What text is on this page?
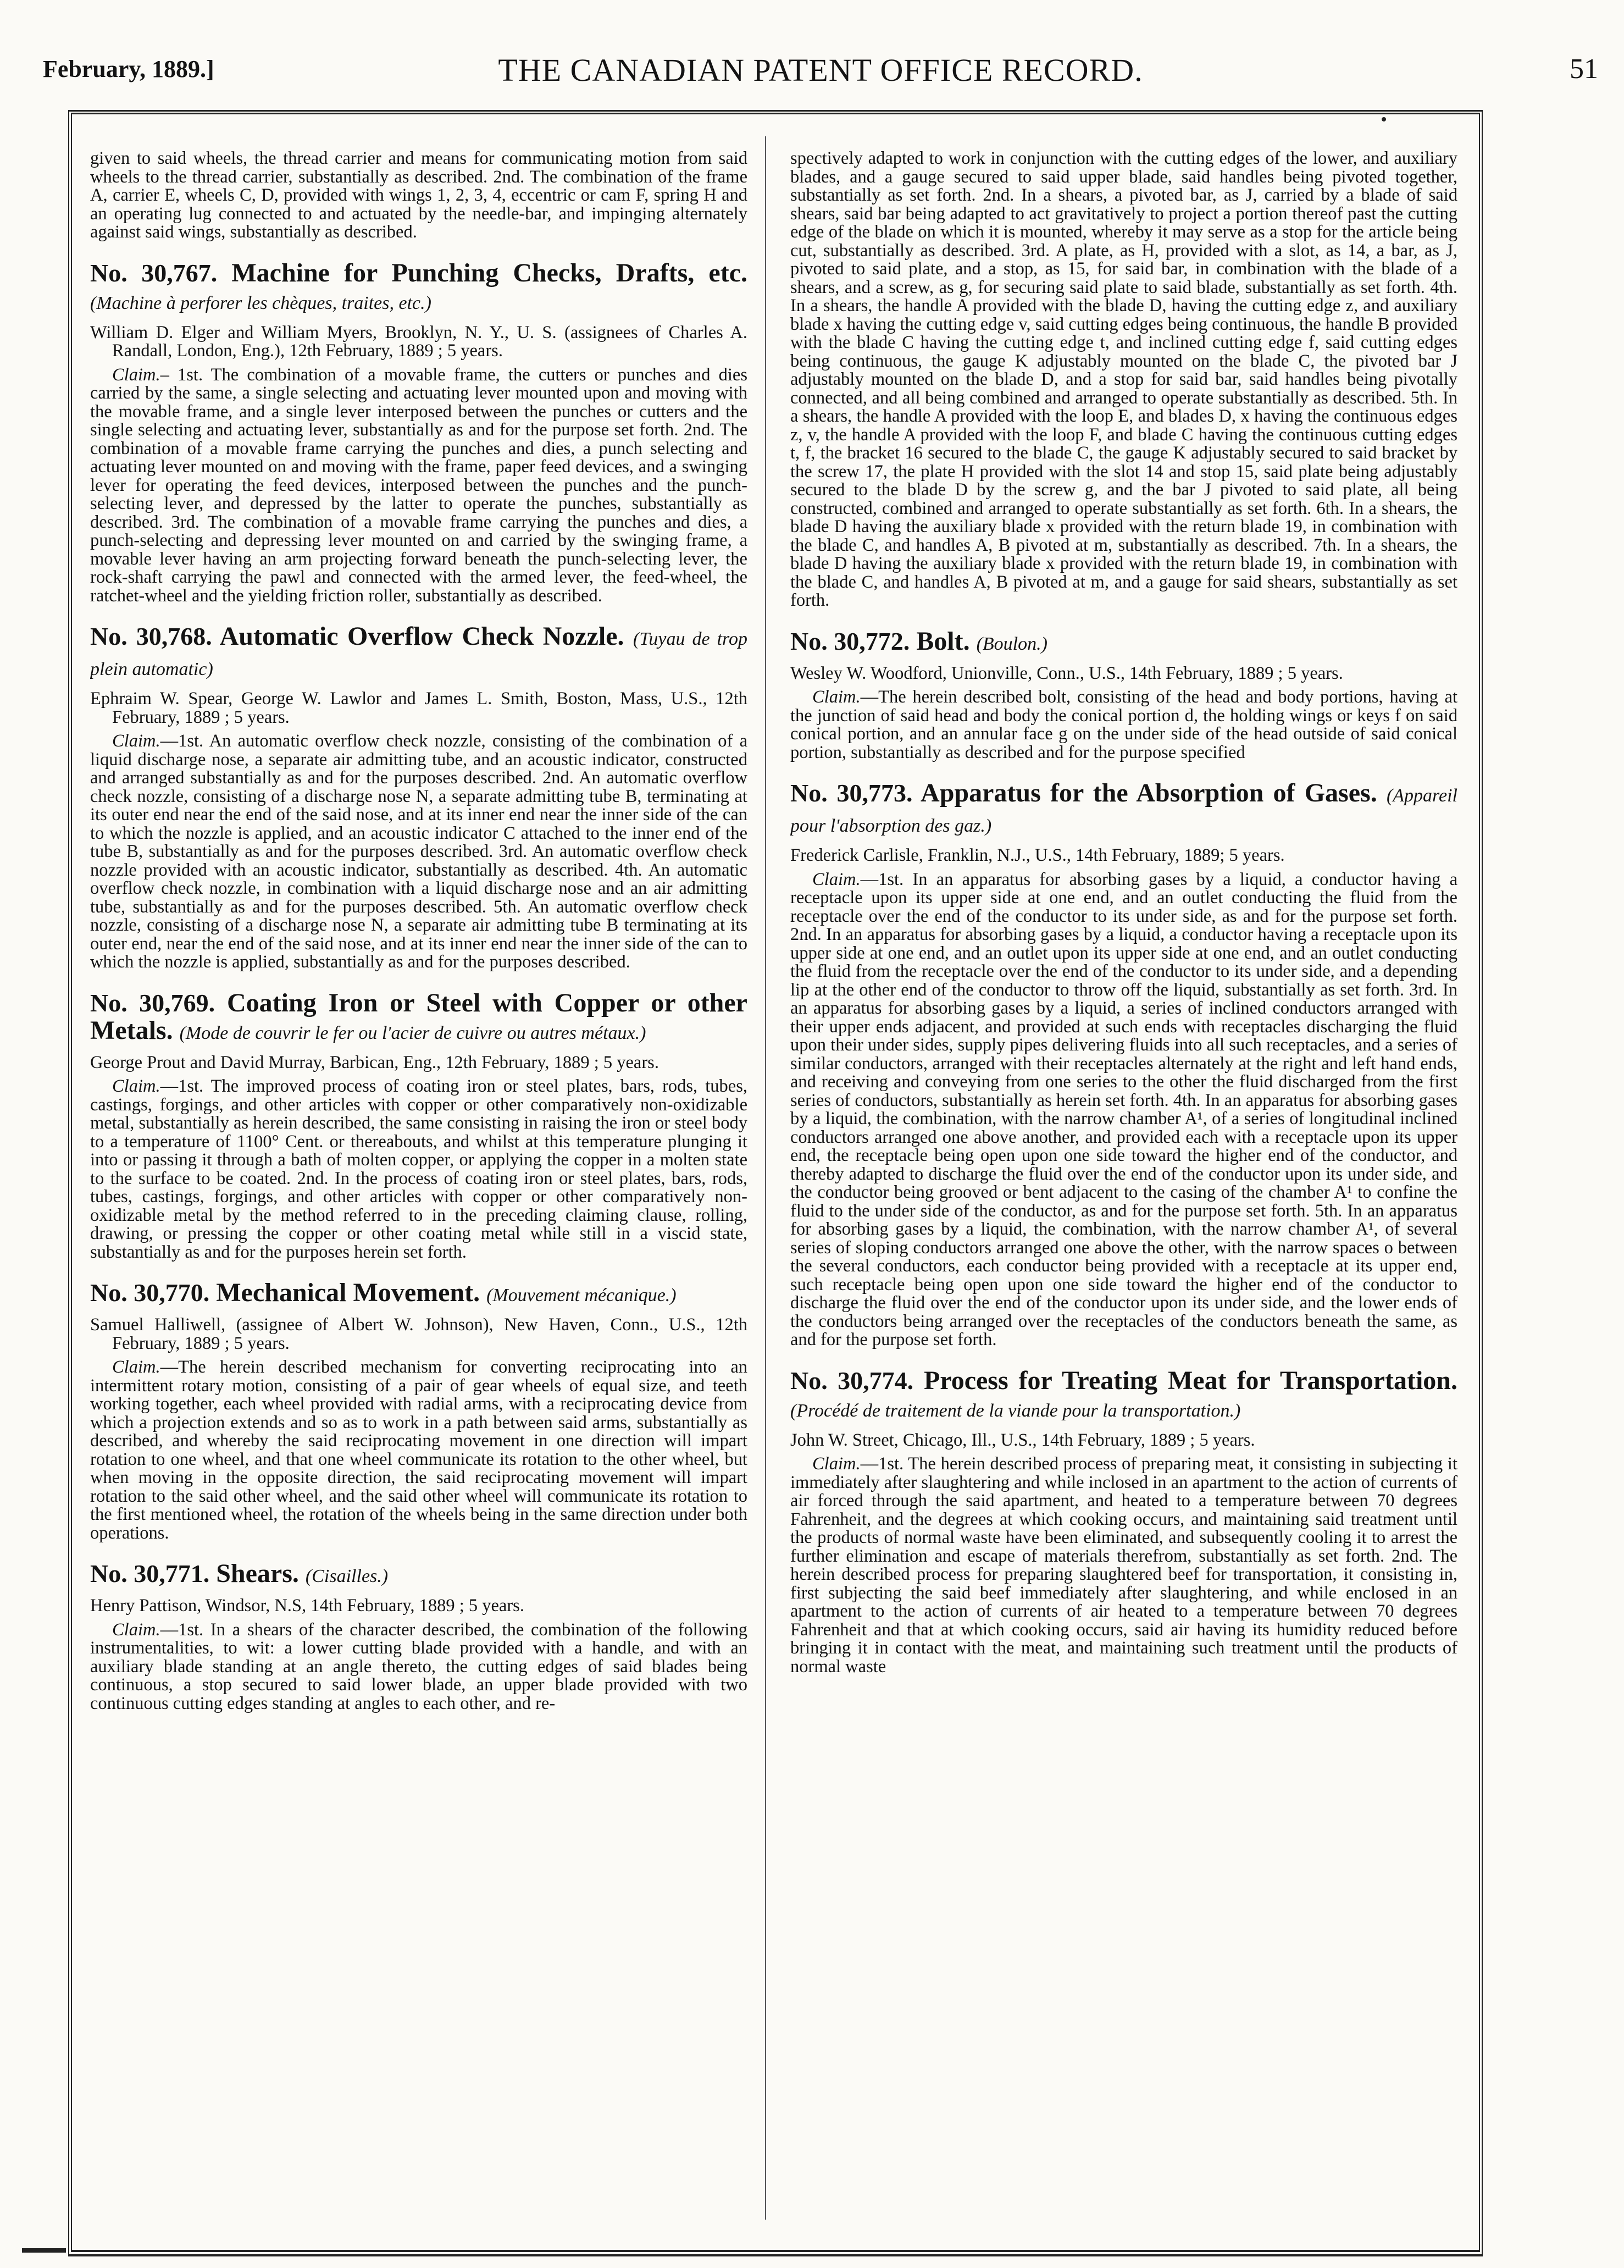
February, 1889.]	THE CANADIAN PATENT OFFICE RECORD.	51

given to said wheels, the thread carrier and means for communicating motion from said wheels to the thread carrier, substantially as described. 2nd. The combination of the frame A, carrier E, wheels C, D, provided with wings 1, 2, 3, 4, eccentric or cam F, spring H and an operating lug connected to and actuated by the needle-bar, and impinging alternately against said wings, substantially as described.

No. 30,767. Machine for Punching Checks, Drafts, etc. (Machine à perforer les chèques, traites, etc.)

William D. Elger and William Myers, Brooklyn, N. Y., U. S. (assignees of Charles A. Randall, London, Eng.), 12th February, 1889 ; 5 years.

Claim.– 1st. The combination of a movable frame, the cutters or punches and dies carried by the same, a single selecting and actuating lever mounted upon and moving with the movable frame, and a single lever interposed between the punches or cutters and the single selecting and actuating lever, substantially as and for the purpose set forth. 2nd. The combination of a movable frame carrying the punches and dies, a punch selecting and actuating lever mounted on and moving with the frame, paper feed devices, and a swinging lever for operating the feed devices, interposed between the punches and the punch-selecting lever, and depressed by the latter to operate the punches, substantially as described. 3rd. The combination of a movable frame carrying the punches and dies, a punch-selecting and depressing lever mounted on and carried by the swinging frame, a movable lever having an arm projecting forward beneath the punch-selecting lever, the rock-shaft carrying the pawl and connected with the armed lever, the feed-wheel, the ratchet-wheel and the yielding friction roller, substantially as described.

No. 30,768. Automatic Overflow Check Nozzle. (Tuyau de trop plein automatic)

Ephraim W. Spear, George W. Lawlor and James L. Smith, Boston, Mass, U.S., 12th February, 1889 ; 5 years.

Claim.—1st. An automatic overflow check nozzle, consisting of the combination of a liquid discharge nose, a separate air admitting tube, and an acoustic indicator, constructed and arranged substantially as and for the purposes described. 2nd. An automatic overflow check nozzle, consisting of a discharge nose N, a separate admitting tube B, terminating at its outer end near the end of the said nose, and at its inner end near the inner side of the can to which the nozzle is applied, and an acoustic indicator C attached to the inner end of the tube B, substantially as and for the purposes described. 3rd. An automatic overflow check nozzle provided with an acoustic indicator, substantially as described. 4th. An automatic overflow check nozzle, in combination with a liquid discharge nose and an air admitting tube, substantially as and for the purposes described. 5th. An automatic overflow check nozzle, consisting of a discharge nose N, a separate air admitting tube B terminating at its outer end, near the end of the said nose, and at its inner end near the inner side of the can to which the nozzle is applied, substantially as and for the purposes described.

No. 30,769. Coating Iron or Steel with Copper or other Metals. (Mode de couvrir le fer ou l'acier de cuivre ou autres métaux.)

George Prout and David Murray, Barbican, Eng., 12th February, 1889 ; 5 years.

Claim.—1st. The improved process of coating iron or steel plates, bars, rods, tubes, castings, forgings, and other articles with copper or other comparatively non-oxidizable metal, substantially as herein described, the same consisting in raising the iron or steel body to a temperature of 1100° Cent. or thereabouts, and whilst at this temperature plunging it into or passing it through a bath of molten copper, or applying the copper in a molten state to the surface to be coated. 2nd. In the process of coating iron or steel plates, bars, rods, tubes, castings, forgings, and other articles with copper or other comparatively non-oxidizable metal by the method referred to in the preceding claiming clause, rolling, drawing, or pressing the copper or other coating metal while still in a viscid state, substantially as and for the purposes herein set forth.

No. 30,770. Mechanical Movement. (Mouvement mécanique.)

Samuel Halliwell, (assignee of Albert W. Johnson), New Haven, Conn., U.S., 12th February, 1889 ; 5 years.

Claim.—The herein described mechanism for converting reciprocating into an intermittent rotary motion, consisting of a pair of gear wheels of equal size, and teeth working together, each wheel provided with radial arms, with a reciprocating device from which a projection extends and so as to work in a path between said arms, substantially as described, and whereby the said reciprocating movement in one direction will impart rotation to one wheel, and that one wheel communicate its rotation to the other wheel, but when moving in the opposite direction, the said reciprocating movement will impart rotation to the said other wheel, and the said other wheel will communicate its rotation to the first mentioned wheel, the rotation of the wheels being in the same direction under both operations.

No. 30,771. Shears. (Cisailles.)

Henry Pattison, Windsor, N.S, 14th February, 1889 ; 5 years.

Claim.—1st. In a shears of the character described, the combination of the following instrumentalities, to wit: a lower cutting blade provided with a handle, and with an auxiliary blade standing at an angle thereto, the cutting edges of said blades being continuous, a stop secured to said lower blade, an upper blade provided with two continuous cutting edges standing at angles to each other, and re-

spectively adapted to work in conjunction with the cutting edges of the lower, and auxiliary blades, and a gauge secured to said upper blade, said handles being pivoted together, substantially as set forth. 2nd. In a shears, a pivoted bar, as J, carried by a blade of said shears, said bar being adapted to act gravitatively to project a portion thereof past the cutting edge of the blade on which it is mounted, whereby it may serve as a stop for the article being cut, substantially as described. 3rd. A plate, as H, provided with a slot, as 14, a bar, as J, pivoted to said plate, and a stop, as 15, for said bar, in combination with the blade of a shears, and a screw, as g, for securing said plate to said blade, substantially as set forth. 4th. In a shears, the handle A provided with the blade D, having the cutting edge z, and auxiliary blade x having the cutting edge v, said cutting edges being continuous, the handle B provided with the blade C having the cutting edge t, and inclined cutting edge f, said cutting edges being continuous, the gauge K adjustably mounted on the blade C, the pivoted bar J adjustably mounted on the blade D, and a stop for said bar, said handles being pivotally connected, and all being combined and arranged to operate substantially as described. 5th. In a shears, the handle A provided with the loop E, and blades D, x having the continuous edges z, v, the handle A provided with the loop F, and blade C having the continuous cutting edges t, f, the bracket 16 secured to the blade C, the gauge K adjustably secured to said bracket by the screw 17, the plate H provided with the slot 14 and stop 15, said plate being adjustably secured to the blade D by the screw g, and the bar J pivoted to said plate, all being constructed, combined and arranged to operate substantially as set forth. 6th. In a shears, the blade D having the auxiliary blade x provided with the return blade 19, in combination with the blade C, and handles A, B pivoted at m, substantially as described. 7th. In a shears, the blade D having the auxiliary blade x provided with the return blade 19, in combination with the blade C, and handles A, B pivoted at m, and a gauge for said shears, substantially as set forth.

No. 30,772. Bolt. (Boulon.)

Wesley W. Woodford, Unionville, Conn., U.S., 14th February, 1889 ; 5 years.

Claim.—The herein described bolt, consisting of the head and body portions, having at the junction of said head and body the conical portion d, the holding wings or keys f on said conical portion, and an annular face g on the under side of the head outside of said conical portion, substantially as described and for the purpose specified

No. 30,773. Apparatus for the Absorption of Gases. (Appareil pour l'absorption des gaz.)

Frederick Carlisle, Franklin, N.J., U.S., 14th February, 1889; 5 years.

Claim.—1st. In an apparatus for absorbing gases by a liquid, a conductor having a receptacle upon its upper side at one end, and an outlet conducting the fluid from the receptacle over the end of the conductor to its under side, as and for the purpose set forth. 2nd. In an apparatus for absorbing gases by a liquid, a conductor having a receptacle upon its upper side at one end, and an outlet upon its upper side at one end, and an outlet conducting the fluid from the receptacle over the end of the conductor to its under side, and a depending lip at the other end of the conductor to throw off the liquid, substantially as set forth. 3rd. In an apparatus for absorbing gases by a liquid, a series of inclined conductors arranged with their upper ends adjacent, and provided at such ends with receptacles discharging the fluid upon their under sides, supply pipes delivering fluids into all such receptacles, and a series of similar conductors, arranged with their receptacles alternately at the right and left hand ends, and receiving and conveying from one series to the other the fluid discharged from the first series of conductors, substantially as herein set forth. 4th. In an apparatus for absorbing gases by a liquid, the combination, with the narrow chamber A¹, of a series of longitudinal inclined conductors arranged one above another, and provided each with a receptacle upon its upper end, the receptacle being open upon one side toward the higher end of the conductor, and thereby adapted to discharge the fluid over the end of the conductor upon its under side, and the conductor being grooved or bent adjacent to the casing of the chamber A¹ to confine the fluid to the under side of the conductor, as and for the purpose set forth. 5th. In an apparatus for absorbing gases by a liquid, the combination, with the narrow chamber A¹, of several series of sloping conductors arranged one above the other, with the narrow spaces o between the several conductors, each conductor being provided with a receptacle at its upper end, such receptacle being open upon one side toward the higher end of the conductor to discharge the fluid over the end of the conductor upon its under side, and the lower ends of the conductors being arranged over the receptacles of the conductors beneath the same, as and for the purpose set forth.

No. 30,774. Process for Treating Meat for Transportation. (Procédé de traitement de la viande pour la transportation.)

John W. Street, Chicago, Ill., U.S., 14th February, 1889 ; 5 years.

Claim.—1st. The herein described process of preparing meat, it consisting in subjecting it immediately after slaughtering and while inclosed in an apartment to the action of currents of air forced through the said apartment, and heated to a temperature between 70 degrees Fahrenheit, and the degrees at which cooking occurs, and maintaining said treatment until the products of normal waste have been eliminated, and subsequently cooling it to arrest the further elimination and escape of materials therefrom, substantially as set forth. 2nd. The herein described process for preparing slaughtered beef for transportation, it consisting in, first subjecting the said beef immediately after slaughtering, and while enclosed in an apartment to the action of currents of air heated to a temperature between 70 degrees Fahrenheit and that at which cooking occurs, said air having its humidity reduced before bringing it in contact with the meat, and maintaining such treatment until the products of normal waste
